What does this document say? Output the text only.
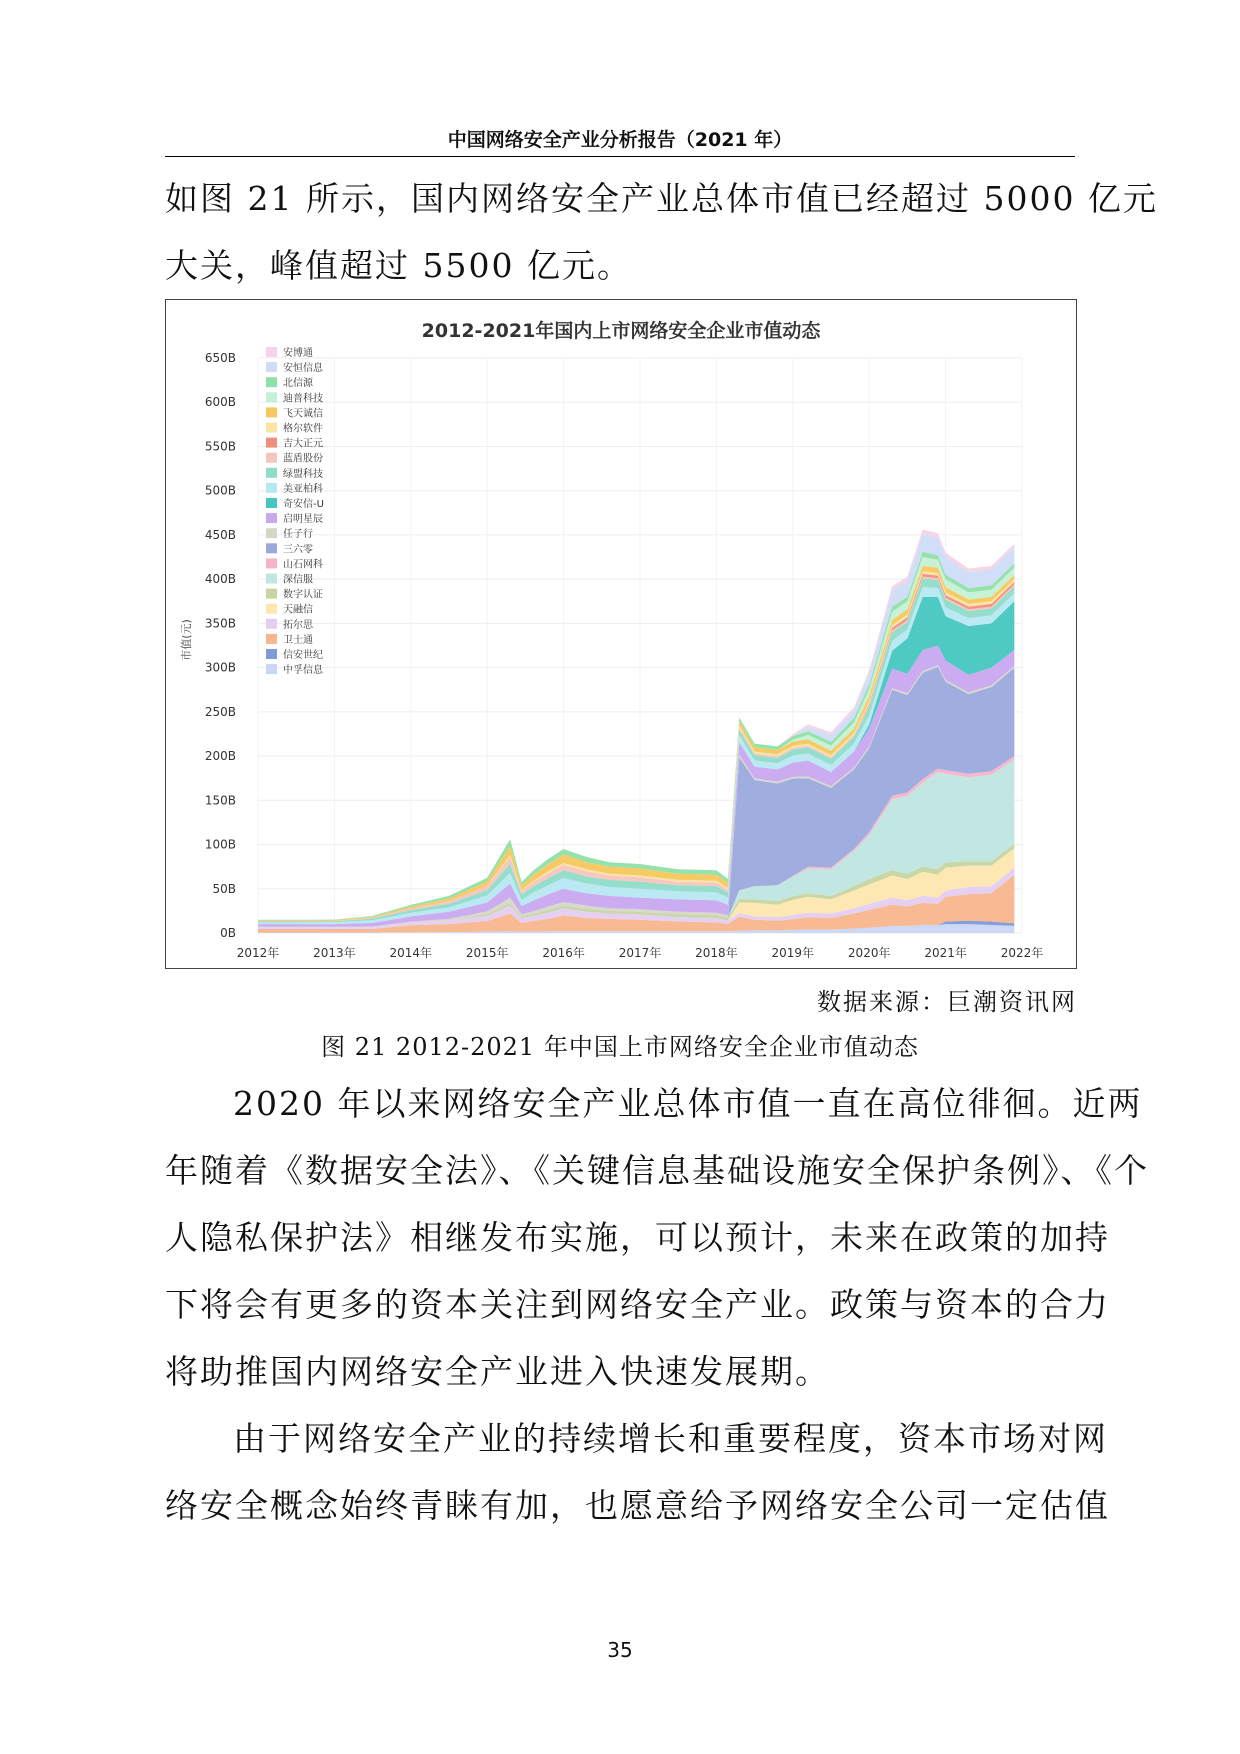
中国网络安全产业分析报告（2021 年）
如图 21 所示，国内网络安全产业总体市值已经超过 5000 亿元
大关，峰值超过 5500 亿元。
2012-2021年国内上市网络安全企业市值动态
0B
50B
100B
150B
200B
250B
300B
350B
400B
450B
500B
550B
600B
650B
2012年	2013年	2014年	2015年	2016年	2017年	2018年	2019年	2020年	2021年	2022年
安博通
安恒信息
北信源
迪普科技
飞天诚信
格尔软件
吉大正元
蓝盾股份
绿盟科技
美亚柏科
奇安信-U
启明星辰
任子行
三六零
山石网科
深信服
数字认证
天融信
拓尔思
卫士通
信安世纪
中孚信息
市值(元)
数据来源：巨潮资讯网
图 21 2012-2021 年中国上市网络安全企业市值动态
2020 年以来网络安全产业总体市值一直在高位徘徊。近两
年随着《数据安全法》、《关键信息基础设施安全保护条例》、《个
人隐私保护法》相继发布实施，可以预计，未来在政策的加持
下将会有更多的资本关注到网络安全产业。政策与资本的合力
将助推国内网络安全产业进入快速发展期。
由于网络安全产业的持续增长和重要程度，资本市场对网
络安全概念始终青睐有加，也愿意给予网络安全公司一定估值
35
